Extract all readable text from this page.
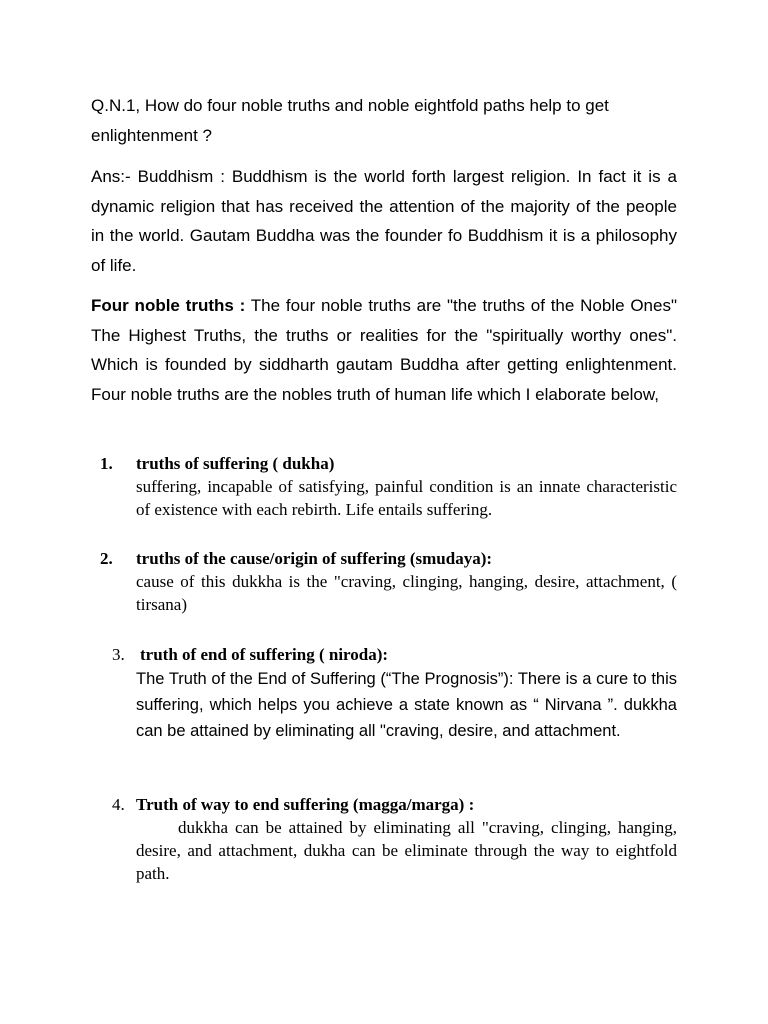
Q.N.1, How do four noble truths and noble eightfold paths help to get enlightenment ?

Ans:- Buddhism : Buddhism is the world forth largest religion. In fact it is a dynamic religion that has received the attention of the majority of the people in the world. Gautam Buddha was the founder fo Buddhism it is a philosophy of life.

Four noble truths : The four noble truths are "the truths of the Noble Ones" The Highest Truths, the truths or realities for the "spiritually worthy ones". Which is founded by siddharth gautam Buddha after getting enlightenment. Four noble truths are the nobles truth of human life which I elaborate below,

1.	truths of suffering ( dukha)

suffering, incapable of satisfying, painful condition is an innate characteristic of existence with each rebirth. Life entails suffering.

2.	truths of the cause/origin of suffering (smudaya):

cause of this dukkha is the "craving, clinging, hanging, desire, attachment, ( tirsana)

3. truth of end of suffering ( niroda):

The Truth of the End of Suffering (“The Prognosis”): There is a cure to this suffering, which helps you achieve a state known as “ Nirvana ”. dukkha can be attained by eliminating all "craving, desire, and attachment.

4. Truth of way to end suffering (magga/marga) :

dukkha can be attained by eliminating all "craving, clinging, hanging, desire, and attachment, dukha can be eliminate through the way to eightfold path.
